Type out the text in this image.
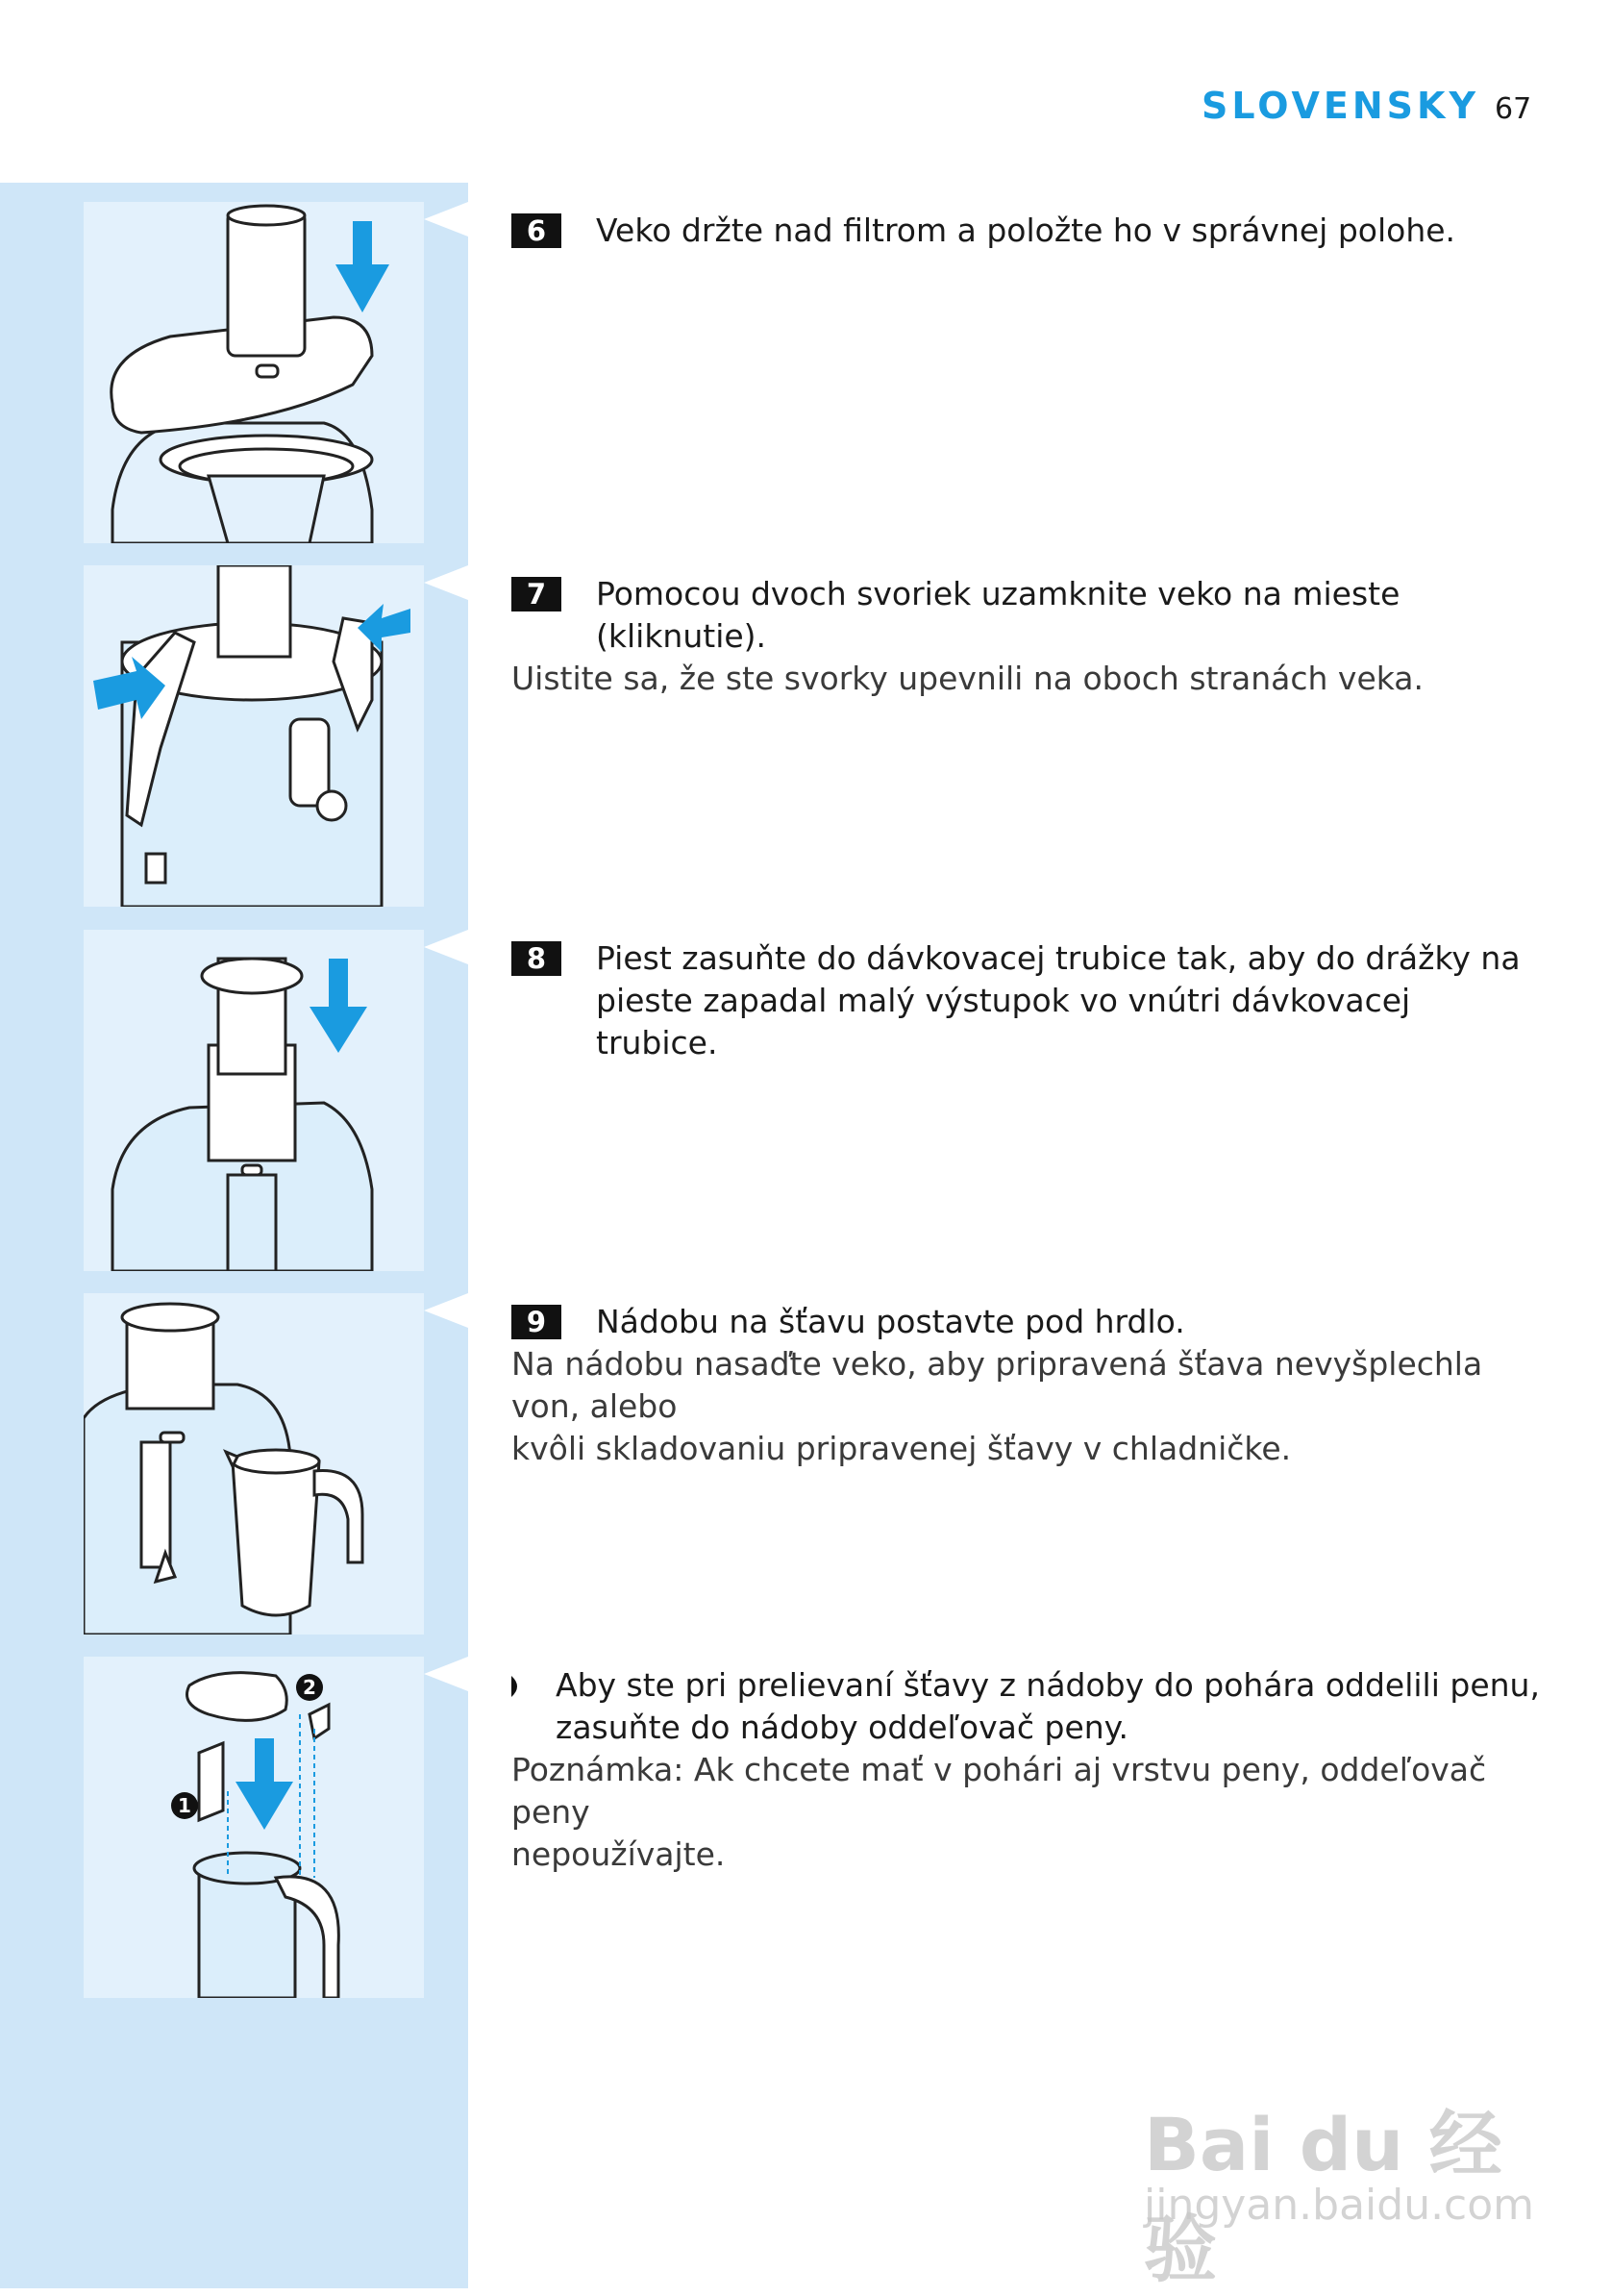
SLOVENSKY 67
1
2
6	Veko držte nad filtrom a položte ho v správnej polohe.
7	Pomocou dvoch svoriek uzamknite veko na mieste (kliknutie).
Uistite sa, že ste svorky upevnili na oboch stranách veka.
8	Piest zasuňte do dávkovacej trubice tak, aby do drážky na
pieste zapadal malý výstupok vo vnútri dávkovacej trubice.
9	Nádobu na šťavu postavte pod hrdlo.
Na nádobu nasaďte veko, aby pripravená šťava nevyšplechla von, alebo
kvôli skladovaniu pripravenej šťavy v chladničke.
Aby ste pri prelievaní šťavy z nádoby do pohára oddelili penu,
zasuňte do nádoby oddeľovač peny.
Poznámka: Ak chcete mať v pohári aj vrstvu peny, oddeľovač peny
nepoužívajte.
Bai du 经验
jingyan.baidu.com
